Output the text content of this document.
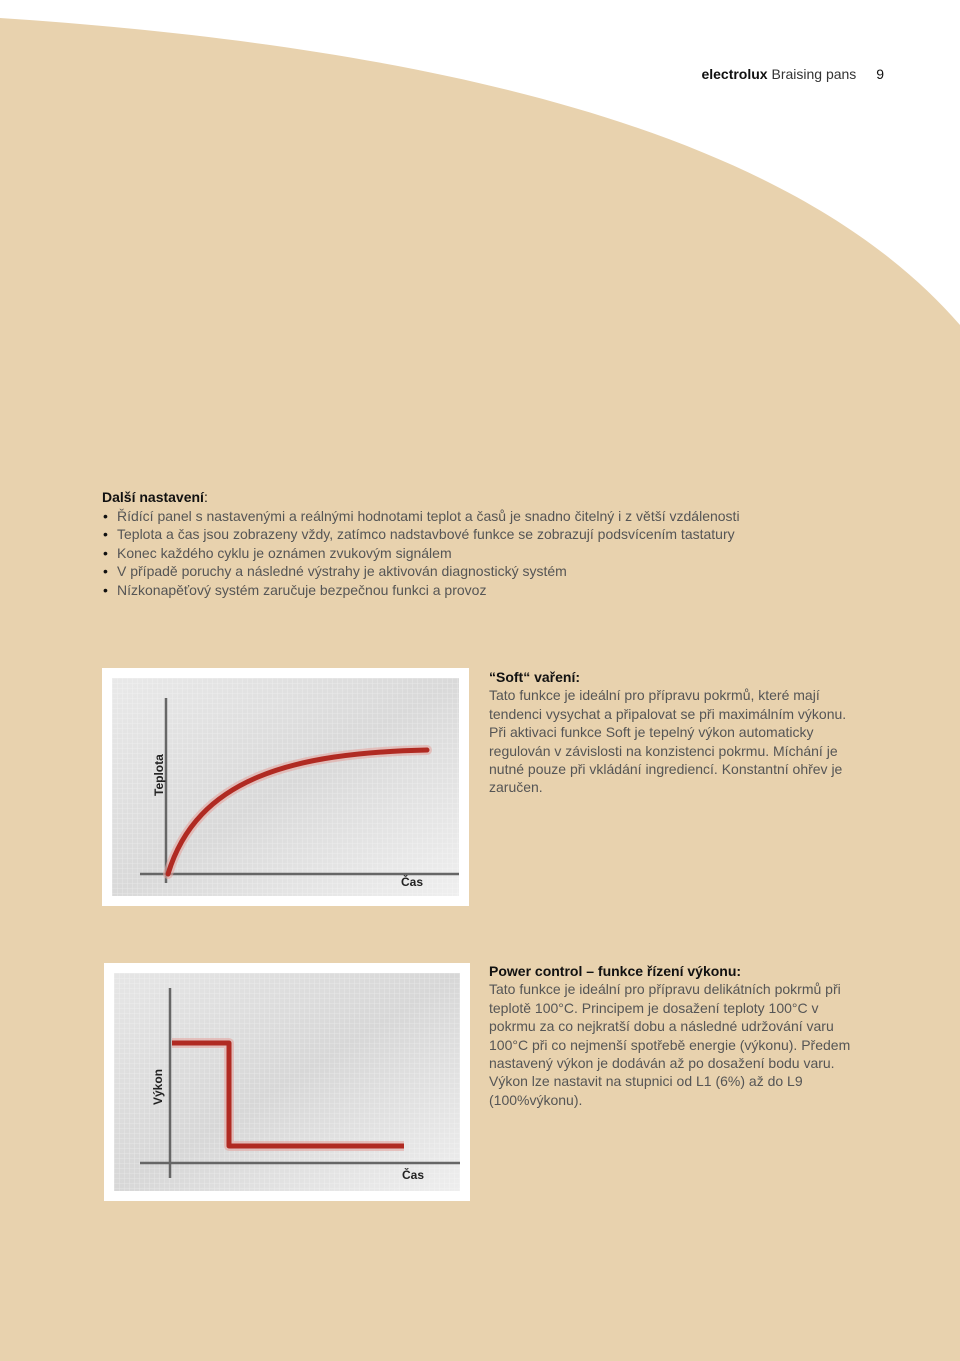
electrolux Braising pans 9
Další nastavení:
• Řídící panel s nastavenými a reálnými hodnotami teplot a časů je snadno čitelný i z větší vzdálenosti
• Teplota a čas jsou zobrazeny vždy, zatímco nadstavbové funkce se zobrazují podsvícením tastatury
• Konec každého cyklu je oznámen zvukovým signálem
• V případě poruchy a následné výstrahy je aktivován diagnostický systém
• Nízkonapěťový systém zaručuje bezpečnou funkci a provoz
Teplota
Čas
“Soft“ vaření:

Tato funkce je ideální pro přípravu pokrmů, které mají tendenci vysychat a připalovat se při maximálním výkonu.

Při aktivaci funkce Soft je tepelný výkon automaticky regulován v závislosti na konzistenci pokrmu. Míchání je nutné pouze při vkládání ingrediencí. Konstantní ohřev je zaručen.

Výkon
Čas
Power control – funkce řízení výkonu:

Tato funkce je ideální pro přípravu delikátních pokrmů při teplotě 100°C. Principem je dosažení teploty 100°C v pokrmu za co nejkratší dobu a následné udržování varu 100°C při co nejmenší spotřebě energie (výkonu). Předem nastavený výkon je dodáván až po dosažení bodu varu.

Výkon lze nastavit na stupnici od L1 (6%) až do L9 (100%výkonu).
